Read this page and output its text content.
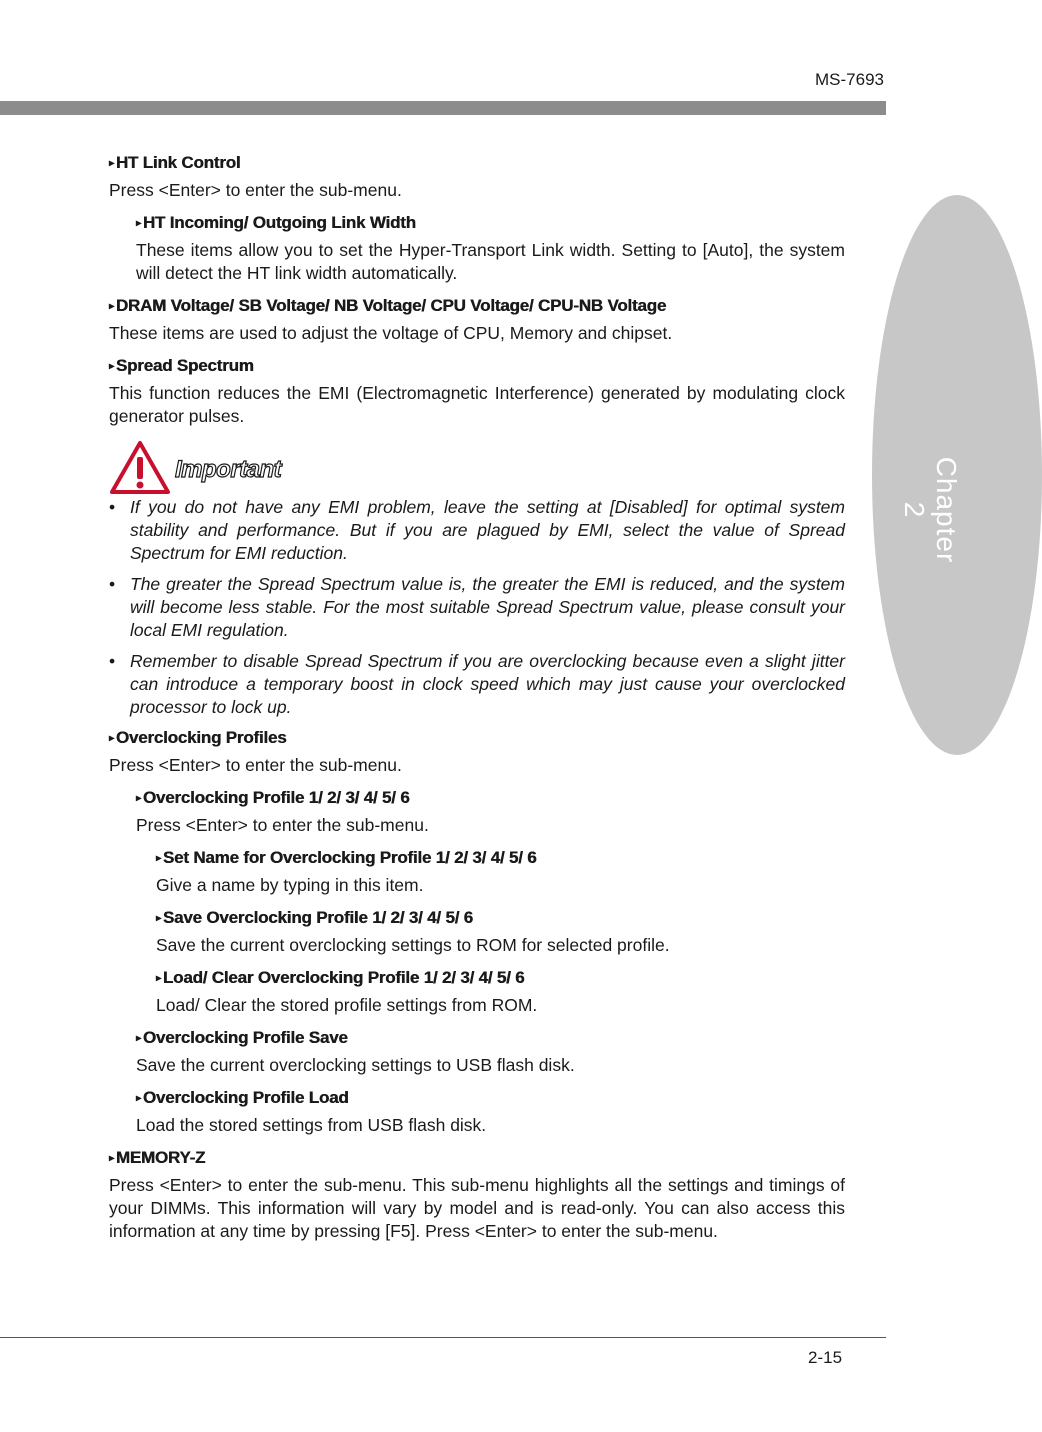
MS-7693
Chapter 2
▸ HT Link Control
Press <Enter> to enter the sub-menu.
▸ HT Incoming/ Outgoing Link Width
These items allow you to set the Hyper-Transport Link width. Setting to [Auto], the system will detect the HT link width automatically.
▸ DRAM Voltage/ SB Voltage/ NB Voltage/ CPU Voltage/ CPU-NB Voltage
These items are used to adjust the voltage of CPU, Memory and chipset.
▸ Spread Spectrum
This function reduces the EMI (Electromagnetic Interference) generated by modulating clock generator pulses.
Important
• If you do not have any EMI problem, leave the setting at [Disabled] for optimal system stability and performance. But if you are plagued by EMI, select the value of Spread Spectrum for EMI reduction.
• The greater the Spread Spectrum value is, the greater the EMI is reduced, and the system will become less stable. For the most suitable Spread Spectrum value, please consult your local EMI regulation.
• Remember to disable Spread Spectrum if you are overclocking because even a slight jitter can introduce a temporary boost in clock speed which may just cause your overclocked processor to lock up.
▸ Overclocking Profiles
Press <Enter> to enter the sub-menu.
▸ Overclocking Profile 1/ 2/ 3/ 4/ 5/ 6
Press <Enter> to enter the sub-menu.
▸ Set Name for Overclocking Profile 1/ 2/ 3/ 4/ 5/ 6
Give a name by typing in this item.
▸ Save Overclocking Profile 1/ 2/ 3/ 4/ 5/ 6
Save the current overclocking settings to ROM for selected profile.
▸ Load/ Clear Overclocking Profile 1/ 2/ 3/ 4/ 5/ 6
Load/ Clear the stored profile settings from ROM.
▸ Overclocking Profile Save
Save the current overclocking settings to USB flash disk.
▸ Overclocking Profile Load
Load the stored settings from USB flash disk.
▸ MEMORY-Z
Press <Enter> to enter the sub-menu. This sub-menu highlights all the settings and timings of your DIMMs. This information will vary by model and is read-only. You can also access this information at any time by pressing [F5]. Press <Enter> to enter the sub-menu.
2-15
